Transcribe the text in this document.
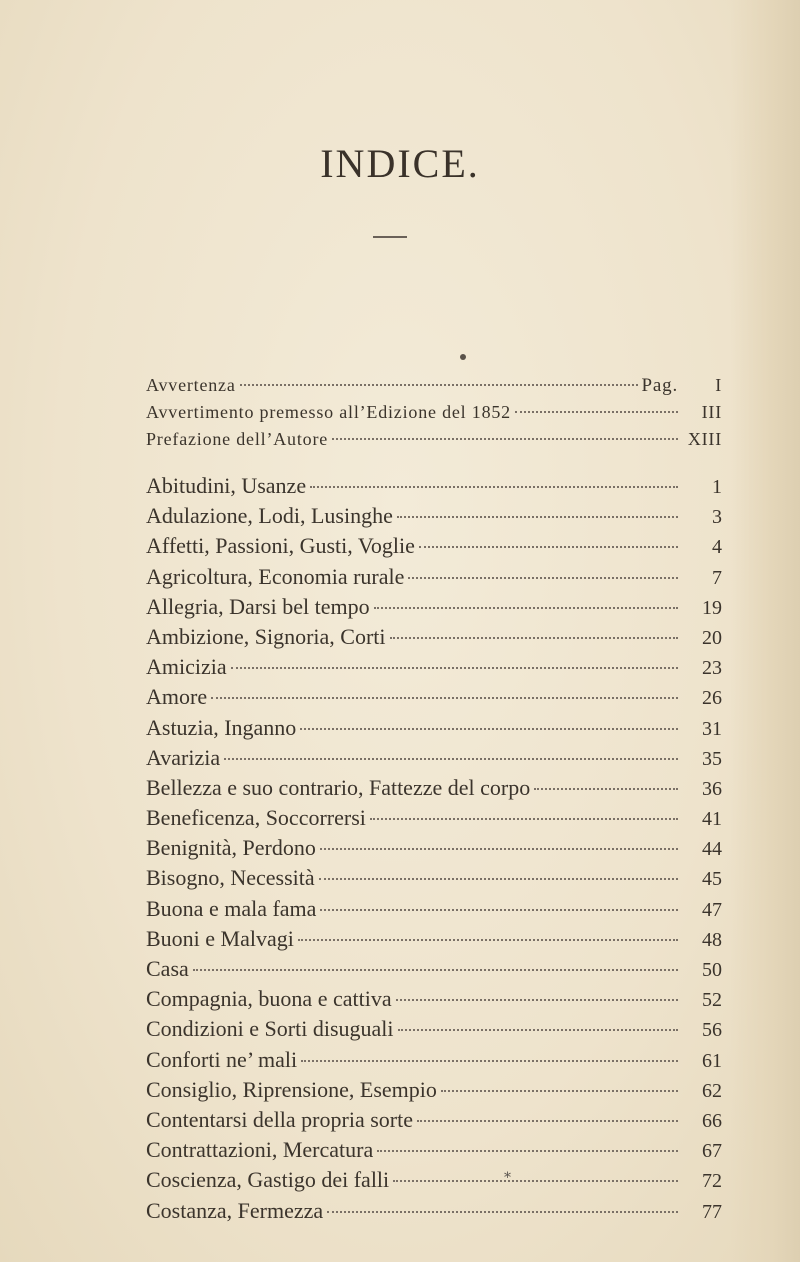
INDICE.
Avvertenza	Pag.	I
Avvertimento premesso all’Edizione del 1852	III
Prefazione dell’Autore	XIII
Abitudini, Usanze	1
Adulazione, Lodi, Lusinghe	3
Affetti, Passioni, Gusti, Voglie	4
Agricoltura, Economia rurale	7
Allegria, Darsi bel tempo	19
Ambizione, Signoria, Corti	20
Amicizia	23
Amore	26
Astuzia, Inganno	31
Avarizia	35
Bellezza e suo contrario, Fattezze del corpo	36
Beneficenza, Soccorrersi	41
Benignità, Perdono	44
Bisogno, Necessità	45
Buona e mala fama	47
Buoni e Malvagi	48
Casa	50
Compagnia, buona e cattiva	52
Condizioni e Sorti disuguali	56
Conforti ne’ mali	61
Consiglio, Riprensione, Esempio	62
Contentarsi della propria sorte	66
Contrattazioni, Mercatura	67
Coscienza, Gastigo dei falli	72
Costanza, Fermezza	77
*
